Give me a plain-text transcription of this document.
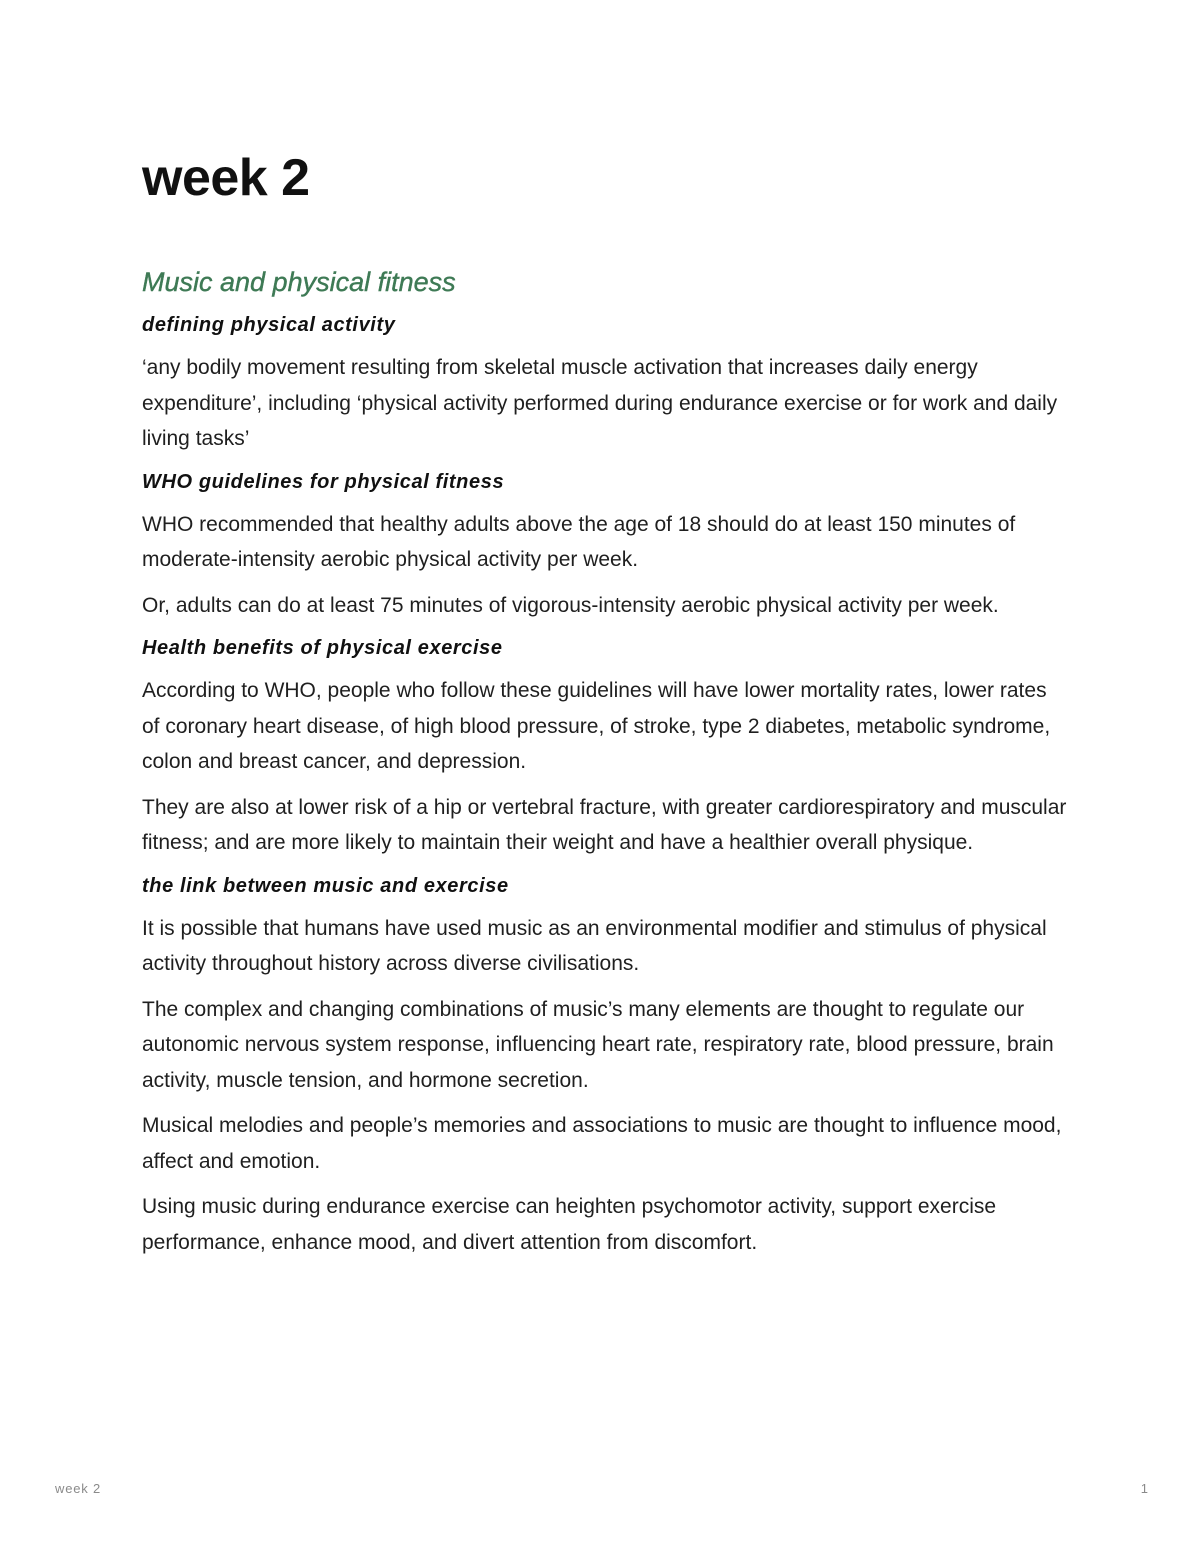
week 2
Music and physical fitness
defining physical activity

‘any bodily movement resulting from skeletal muscle activation that increases daily energy expenditure’, including ‘physical activity performed during endurance exercise or for work and daily living tasks’

WHO guidelines for physical fitness

WHO recommended that healthy adults above the age of 18 should do at least 150 minutes of moderate-intensity aerobic physical activity per week.

Or, adults can do at least 75 minutes of vigorous-intensity aerobic physical activity per week.

Health benefits of physical exercise

According to WHO, people who follow these guidelines will have lower mortality rates, lower rates of coronary heart disease, of high blood pressure, of stroke, type 2 diabetes, metabolic syndrome, colon and breast cancer, and depression.

They are also at lower risk of a hip or vertebral fracture, with greater cardiorespiratory and muscular fitness; and are more likely to maintain their weight and have a healthier overall physique.

the link between music and exercise

It is possible that humans have used music as an environmental modifier and stimulus of physical activity throughout history across diverse civilisations.

The complex and changing combinations of music’s many elements are thought to regulate our autonomic nervous system response, influencing heart rate, respiratory rate, blood pressure, brain activity, muscle tension, and hormone secretion.

Musical melodies and people’s memories and associations to music are thought to influence mood, affect and emotion.

Using music during endurance exercise can heighten psychomotor activity, support exercise performance, enhance mood, and divert attention from discomfort.

week 2	1
